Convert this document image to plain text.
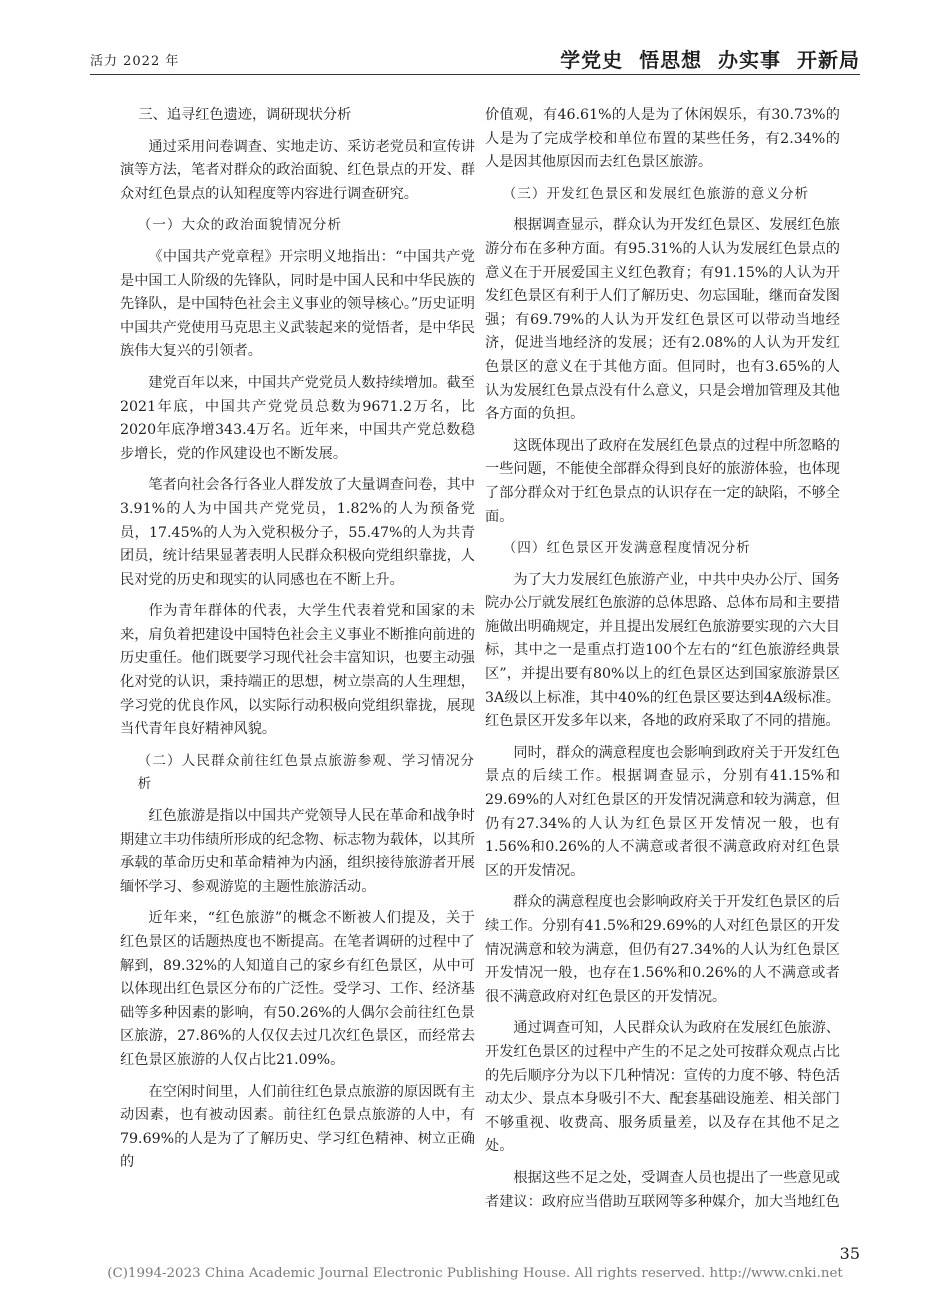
活力 2022 年	学党史 悟思想 办实事 开新局

三、追寻红色遗迹，调研现状分析

通过采用问卷调查、实地走访、采访老党员和宣传讲演等方法，笔者对群众的政治面貌、红色景点的开发、群众对红色景点的认知程度等内容进行调查研究。

（一）大众的政治面貌情况分析

《中国共产党章程》开宗明义地指出：“中国共产党是中国工人阶级的先锋队，同时是中国人民和中华民族的先锋队，是中国特色社会主义事业的领导核心。”历史证明中国共产党使用马克思主义武装起来的觉悟者，是中华民族伟大复兴的引领者。

建党百年以来，中国共产党党员人数持续增加。截至2021年底，中国共产党党员总数为9671.2万名，比2020年底净增343.4万名。近年来，中国共产党总数稳步增长，党的作风建设也不断发展。

笔者向社会各行各业人群发放了大量调查问卷，其中3.91%的人为中国共产党党员，1.82%的人为预备党员，17.45%的人为入党积极分子，55.47%的人为共青团员，统计结果显著表明人民群众积极向党组织靠拢，人民对党的历史和现实的认同感也在不断上升。

作为青年群体的代表，大学生代表着党和国家的未来，肩负着把建设中国特色社会主义事业不断推向前进的历史重任。他们既要学习现代社会丰富知识，也要主动强化对党的认识，秉持端正的思想，树立崇高的人生理想，学习党的优良作风，以实际行动积极向党组织靠拢，展现当代青年良好精神风貌。

（二）人民群众前往红色景点旅游参观、学习情况分析

红色旅游是指以中国共产党领导人民在革命和战争时期建立丰功伟绩所形成的纪念物、标志物为载体，以其所承载的革命历史和革命精神为内涵，组织接待旅游者开展缅怀学习、参观游览的主题性旅游活动。

近年来，“红色旅游”的概念不断被人们提及，关于红色景区的话题热度也不断提高。在笔者调研的过程中了解到，89.32%的人知道自己的家乡有红色景区，从中可以体现出红色景区分布的广泛性。受学习、工作、经济基础等多种因素的影响，有50.26%的人偶尔会前往红色景区旅游，27.86%的人仅仅去过几次红色景区，而经常去红色景区旅游的人仅占比21.09%。

在空闲时间里，人们前往红色景点旅游的原因既有主动因素，也有被动因素。前往红色景点旅游的人中，有79.69%的人是为了了解历史、学习红色精神、树立正确的

价值观，有46.61%的人是为了休闲娱乐，有30.73%的人是为了完成学校和单位布置的某些任务，有2.34%的人是因其他原因而去红色景区旅游。

（三）开发红色景区和发展红色旅游的意义分析

根据调查显示，群众认为开发红色景区、发展红色旅游分布在多种方面。有95.31%的人认为发展红色景点的意义在于开展爱国主义红色教育；有91.15%的人认为开发红色景区有利于人们了解历史、勿忘国耻，继而奋发图强；有69.79%的人认为开发红色景区可以带动当地经济，促进当地经济的发展；还有2.08%的人认为开发红色景区的意义在于其他方面。但同时，也有3.65%的人认为发展红色景点没有什么意义，只是会增加管理及其他各方面的负担。

这既体现出了政府在发展红色景点的过程中所忽略的一些问题，不能使全部群众得到良好的旅游体验，也体现了部分群众对于红色景点的认识存在一定的缺陷，不够全面。

（四）红色景区开发满意程度情况分析

为了大力发展红色旅游产业，中共中央办公厅、国务院办公厅就发展红色旅游的总体思路、总体布局和主要措施做出明确规定，并且提出发展红色旅游要实现的六大目标，其中之一是重点打造100个左右的“红色旅游经典景区”，并提出要有80%以上的红色景区达到国家旅游景区3A级以上标准，其中40%的红色景区要达到4A级标准。红色景区开发多年以来，各地的政府采取了不同的措施。

同时，群众的满意程度也会影响到政府关于开发红色景点的后续工作。根据调查显示，分别有41.15%和29.69%的人对红色景区的开发情况满意和较为满意，但仍有27.34%的人认为红色景区开发情况一般，也有1.56%和0.26%的人不满意或者很不满意政府对红色景区的开发情况。

群众的满意程度也会影响政府关于开发红色景区的后续工作。分别有41.5%和29.69%的人对红色景区的开发情况满意和较为满意，但仍有27.34%的人认为红色景区开发情况一般，也存在1.56%和0.26%的人不满意或者很不满意政府对红色景区的开发情况。

通过调查可知，人民群众认为政府在发展红色旅游、开发红色景区的过程中产生的不足之处可按群众观点占比的先后顺序分为以下几种情况：宣传的力度不够、特色活动太少、景点本身吸引不大、配套基础设施差、相关部门不够重视、收费高、服务质量差，以及存在其他不足之处。

根据这些不足之处，受调查人员也提出了一些意见或者建议：政府应当借助互联网等多种媒介，加大当地红色

35
(C)1994-2023 China Academic Journal Electronic Publishing House. All rights reserved. http://www.cnki.net
